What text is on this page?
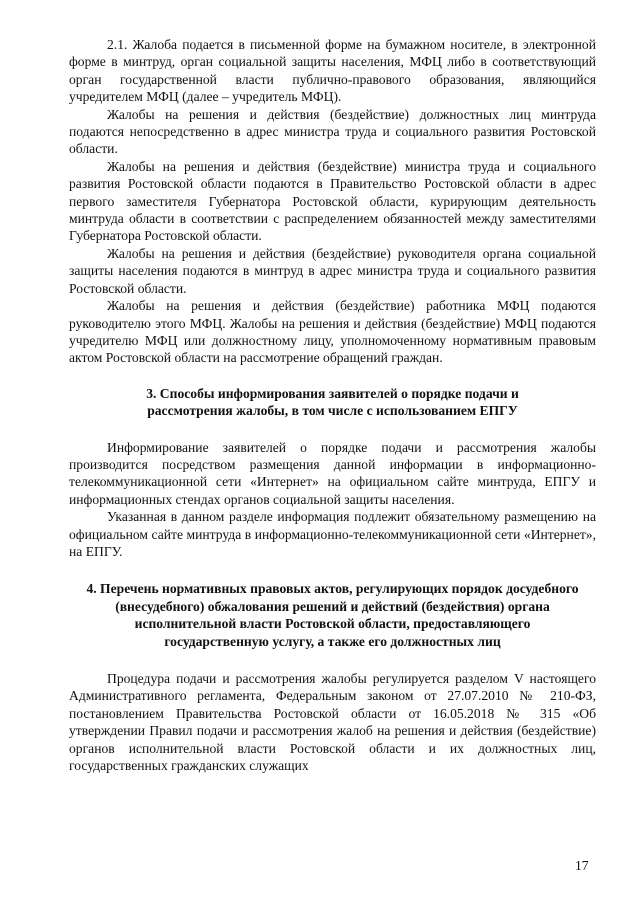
2.1. Жалоба подается в письменной форме на бумажном носителе, в электронной форме в минтруд, орган социальной защиты населения, МФЦ либо в соответствующий орган государственной власти публично-правового образования, являющийся учредителем МФЦ (далее – учредитель МФЦ).

Жалобы на решения и действия (бездействие) должностных лиц минтруда подаются непосредственно в адрес министра труда и социального развития Ростовской области.

Жалобы на решения и действия (бездействие) министра труда и социального развития Ростовской области подаются в Правительство Ростовской области в адрес первого заместителя Губернатора Ростовской области, курирующим деятельность минтруда области в соответствии с распределением обязанностей между заместителями Губернатора Ростовской области.

Жалобы на решения и действия (бездействие) руководителя органа социальной защиты населения подаются в минтруд в адрес министра труда и социального развития Ростовской области.

Жалобы на решения и действия (бездействие) работника МФЦ подаются руководителю этого МФЦ. Жалобы на решения и действия (бездействие) МФЦ подаются учредителю МФЦ или должностному лицу, уполномоченному нормативным правовым актом Ростовской области на рассмотрение обращений граждан.

3. Способы информирования заявителей о порядке подачи и рассмотрения жалобы, в том числе с использованием ЕПГУ

Информирование заявителей о порядке подачи и рассмотрения жалобы производится посредством размещения данной информации в информационно-телекоммуникационной сети «Интернет» на официальном сайте минтруда, ЕПГУ и информационных стендах органов социальной защиты населения.

Указанная в данном разделе информация подлежит обязательному размещению на официальном сайте минтруда в информационно-телекоммуникационной сети «Интернет», на ЕПГУ.

4. Перечень нормативных правовых актов, регулирующих порядок досудебного (внесудебного) обжалования решений и действий (бездействия) органа исполнительной власти Ростовской области, предоставляющего государственную услугу, а также его должностных лиц

Процедура подачи и рассмотрения жалобы регулируется разделом V настоящего Административного регламента, Федеральным законом от 27.07.2010 № 210-ФЗ, постановлением Правительства Ростовской области от 16.05.2018 № 315 «Об утверждении Правил подачи и рассмотрения жалоб на решения и действия (бездействие) органов исполнительной власти Ростовской области и их должностных лиц, государственных гражданских служащих

17
